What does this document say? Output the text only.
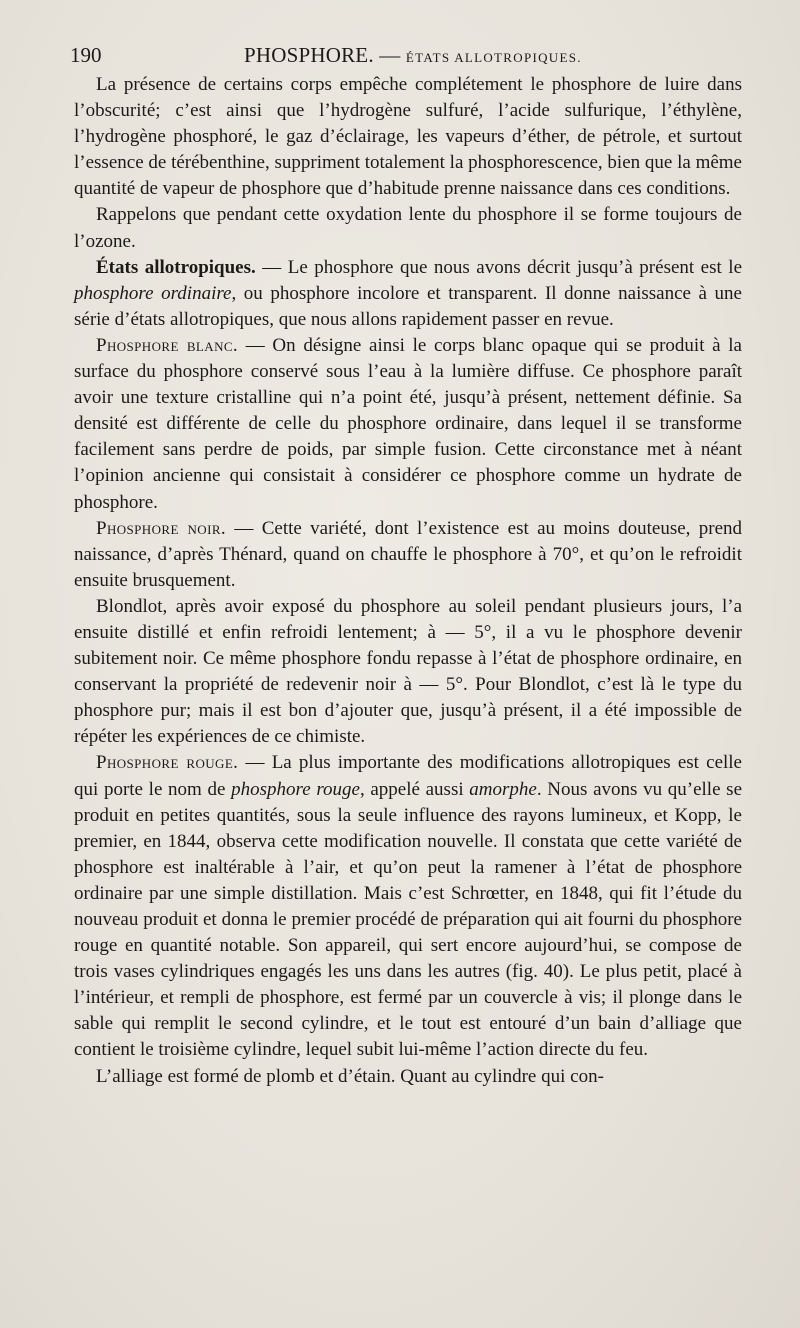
190	PHOSPHORE. — ÉTATS ALLOTROPIQUES.

La présence de certains corps empêche complétement le phosphore de luire dans l’obscurité; c’est ainsi que l’hydrogène sulfuré, l’acide sulfurique, l’éthylène, l’hydrogène phosphoré, le gaz d’éclairage, les vapeurs d’éther, de pétrole, et surtout l’essence de térébenthine, suppriment totalement la phosphorescence, bien que la même quantité de vapeur de phosphore que d’habitude prenne naissance dans ces conditions.

Rappelons que pendant cette oxydation lente du phosphore il se forme toujours de l’ozone.

États allotropiques. — Le phosphore que nous avons décrit jusqu’à présent est le phosphore ordinaire, ou phosphore incolore et transparent. Il donne naissance à une série d’états allotropiques, que nous allons rapidement passer en revue.

Phosphore blanc. — On désigne ainsi le corps blanc opaque qui se produit à la surface du phosphore conservé sous l’eau à la lumière diffuse. Ce phosphore paraît avoir une texture cristalline qui n’a point été, jusqu’à présent, nettement définie. Sa densité est différente de celle du phosphore ordinaire, dans lequel il se transforme facilement sans perdre de poids, par simple fusion. Cette circonstance met à néant l’opinion ancienne qui consistait à considérer ce phosphore comme un hydrate de phosphore.

Phosphore noir. — Cette variété, dont l’existence est au moins douteuse, prend naissance, d’après Thénard, quand on chauffe le phosphore à 70°, et qu’on le refroidit ensuite brusquement.

Blondlot, après avoir exposé du phosphore au soleil pendant plusieurs jours, l’a ensuite distillé et enfin refroidi lentement; à — 5°, il a vu le phosphore devenir subitement noir. Ce même phosphore fondu repasse à l’état de phosphore ordinaire, en conservant la propriété de redevenir noir à — 5°. Pour Blondlot, c’est là le type du phosphore pur; mais il est bon d’ajouter que, jusqu’à présent, il a été impossible de répéter les expériences de ce chimiste.

Phosphore rouge. — La plus importante des modifications allotropiques est celle qui porte le nom de phosphore rouge, appelé aussi amorphe. Nous avons vu qu’elle se produit en petites quantités, sous la seule influence des rayons lumineux, et Kopp, le premier, en 1844, observa cette modification nouvelle. Il constata que cette variété de phosphore est inaltérable à l’air, et qu’on peut la ramener à l’état de phosphore ordinaire par une simple distillation. Mais c’est Schrœtter, en 1848, qui fit l’étude du nouveau produit et donna le premier procédé de préparation qui ait fourni du phosphore rouge en quantité notable. Son appareil, qui sert encore aujourd’hui, se compose de trois vases cylindriques engagés les uns dans les autres (fig. 40). Le plus petit, placé à l’intérieur, et rempli de phosphore, est fermé par un couvercle à vis; il plonge dans le sable qui remplit le second cylindre, et le tout est entouré d’un bain d’alliage que contient le troisième cylindre, lequel subit lui-même l’action directe du feu.

L’alliage est formé de plomb et d’étain. Quant au cylindre qui con-
